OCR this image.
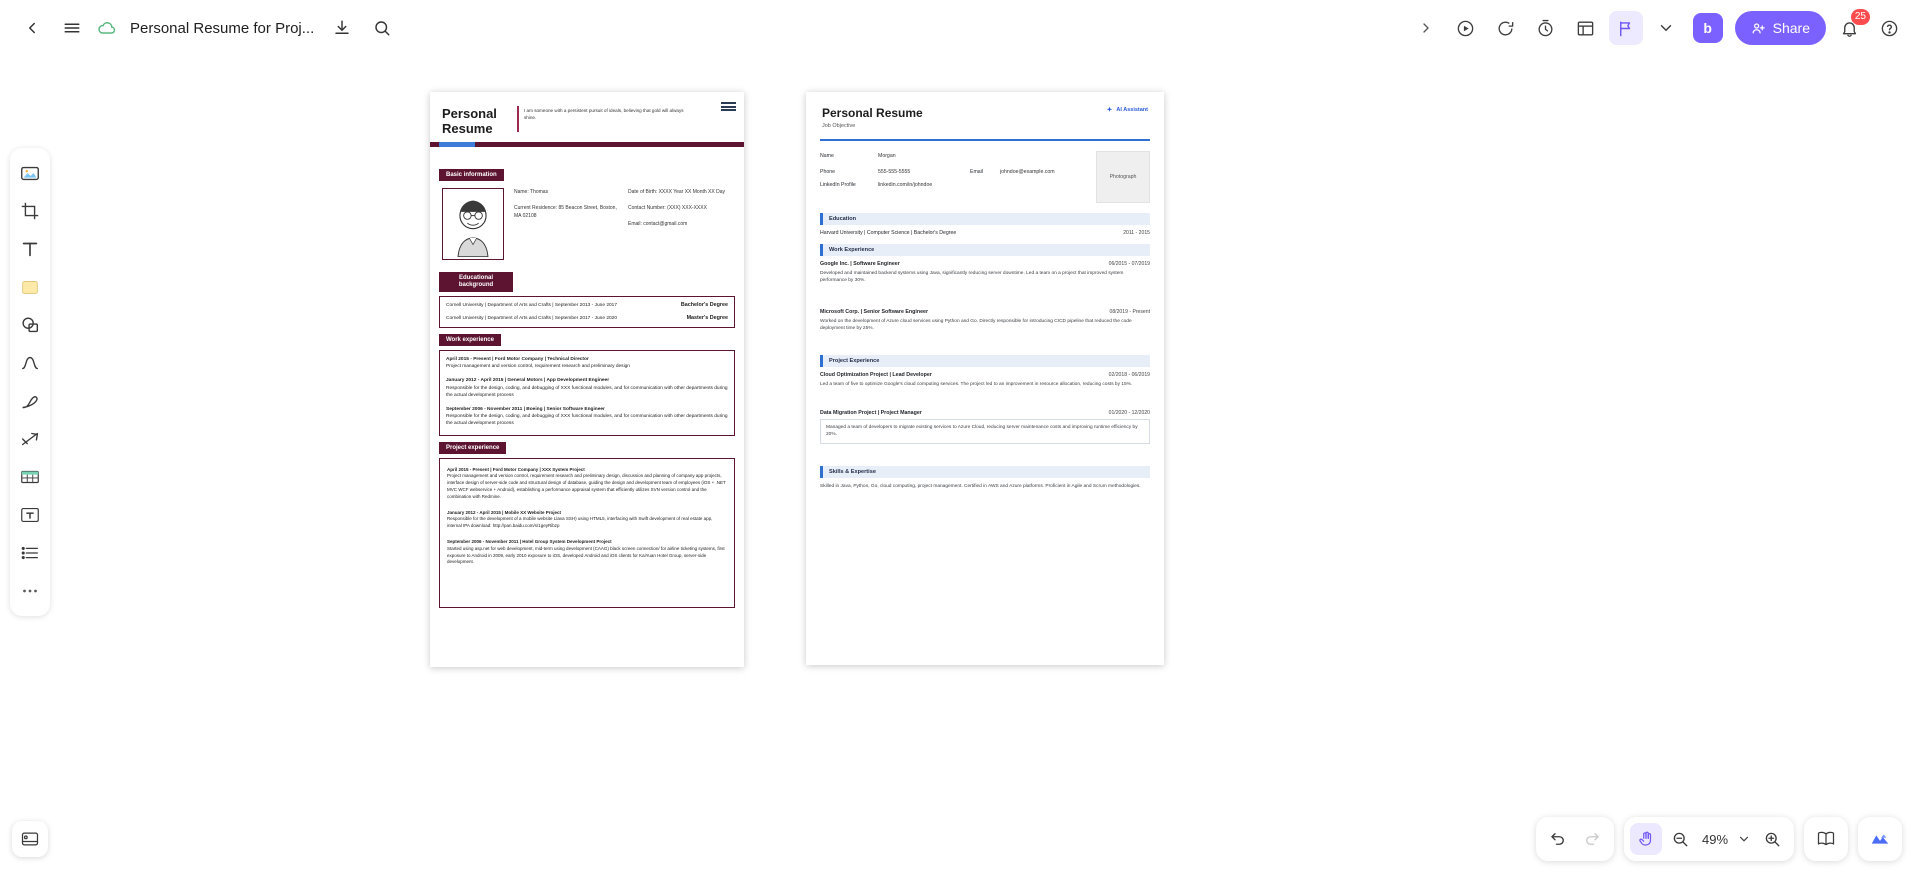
Personal Resume for Proj...	b	Share
25
Personal
Resume
I am someone with a persistent pursuit of ideals, believing that gold will always shine.
Basic information

Name: Thomas

Current Residence: 85 Beacon Street, Boston, MA 02108

Date of Birth: XXXX Year XX Month XX Day

Contact Number: (XXX) XXX-XXXX

Email: contact@gmail.com

Educational background
Cornell University | Department of Arts and Crafts | September 2013 - June 2017	Bachelor's Degree
Cornell University | Department of Arts and Crafts | September 2017 - June 2020	Master's Degree
Work experience
April 2015 - Present | Ford Motor Company | Technical Director
Project management and version control, requirement research and preliminary design
January 2012 - April 2015 | General Motors | App Development Engineer
Responsible for the design, coding, and debugging of XXX functional modules, and for communication with other departments during the actual development process
September 2006 - November 2011 | Boeing | Senior Software Engineer
Responsible for the design, coding, and debugging of XXX functional modules, and for communication with other departments during the actual development process
Project experience
April 2015 - Present | Ford Motor Company | XXX System Project
Project management and version control, requirement research and preliminary design, discussion and planning of company app projects, interface design of server-side code and structural design of database, guiding the design and development team of employees (iOS + .NET MVC WCF webservice + Android), establishing a performance appraisal system that efficiently utilizes SVN version control and the combination with Redmine.
January 2012 - April 2015 | Mobile XX Website Project
Responsible for the development of a mobile website Llava SSH) using HTML5, interfacing with Swift development of real estate app, internal IPA download: http://pan.baidu.com/s/1geyRibzp
September 2006 - November 2011 | Hotel Group System Development Project
Started using asp.net for web development, mid-term using development (CAAG) black screen connection/ for airline ticketing systems, first exposure to Android in 2009, early 2010 exposure to iOS, developed Android and iOS clients for KaiYuan Hotel Group, server-side development.
Personal Resume
Job Objective
AI Assistant
Name	Morgan
Phone	555-555-5555	Email	johndoe@example.com
LinkedIn Profile	linkedin.com/in/johndoe
Photograph
Education
Harvard University | Computer Science | Bachelor's Degree	2011 - 2015
Work Experience
Google Inc. | Software Engineer	06/2015 - 07/2019
Developed and maintained backend systems using Java, significantly reducing server downtime. Led a team on a project that improved system performance by 30%.
Microsoft Corp. | Senior Software Engineer	08/2019 - Present
Worked on the development of Azure cloud services using Python and Go. Directly responsible for introducing CICD pipeline that reduced the code deployment time by 25%.
Project Experience
Cloud Optimization Project | Lead Developer	02/2018 - 06/2019
Led a team of five to optimize Google's cloud computing services. The project led to an improvement in resource allocation, reducing costs by 15%.
Data Migration Project | Project Manager	01/2020 - 12/2020
Managed a team of developers to migrate existing services to Azure Cloud, reducing server maintenance costs and improving runtime efficiency by 20%.
Skills & Expertise
Skilled in Java, Python, Go, cloud computing, project management. Certified in AWS and Azure platforms. Proficient in Agile and Scrum methodologies.
49%
